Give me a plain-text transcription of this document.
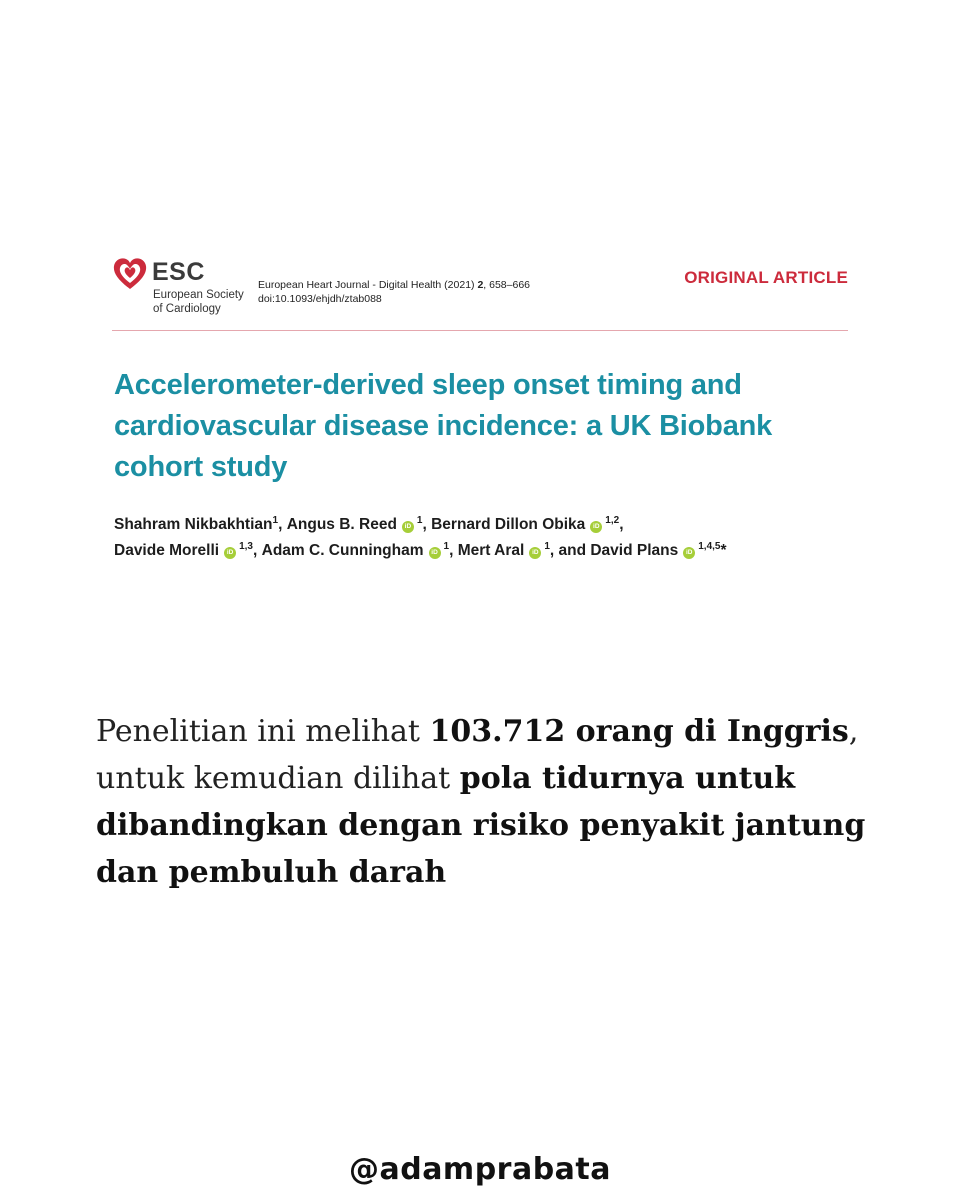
ESC
European Society
of Cardiology
European Heart Journal - Digital Health (2021) 2, 658–666
doi:10.1093/ehjdh/ztab088
ORIGINAL ARTICLE
Accelerometer-derived sleep onset timing and cardiovascular disease incidence: a UK Biobank cohort study
Shahram Nikbakhtian$^1$, Angus B. Reed $iD^1$, Bernard Dillon Obika iD$^{1,2}$, Davide Morelli iD$^{1,3}$, Adam C. Cunningham $iD^1$, Mert Aral $iD^1$, and David Plans iD$^{1,4,5}$*
Penelitian ini melihat 103.712 orang di Inggris, untuk kemudian dilihat pola tidurnya untuk dibandingkan dengan risiko penyakit jantung dan pembuluh darah
@adamprabata
